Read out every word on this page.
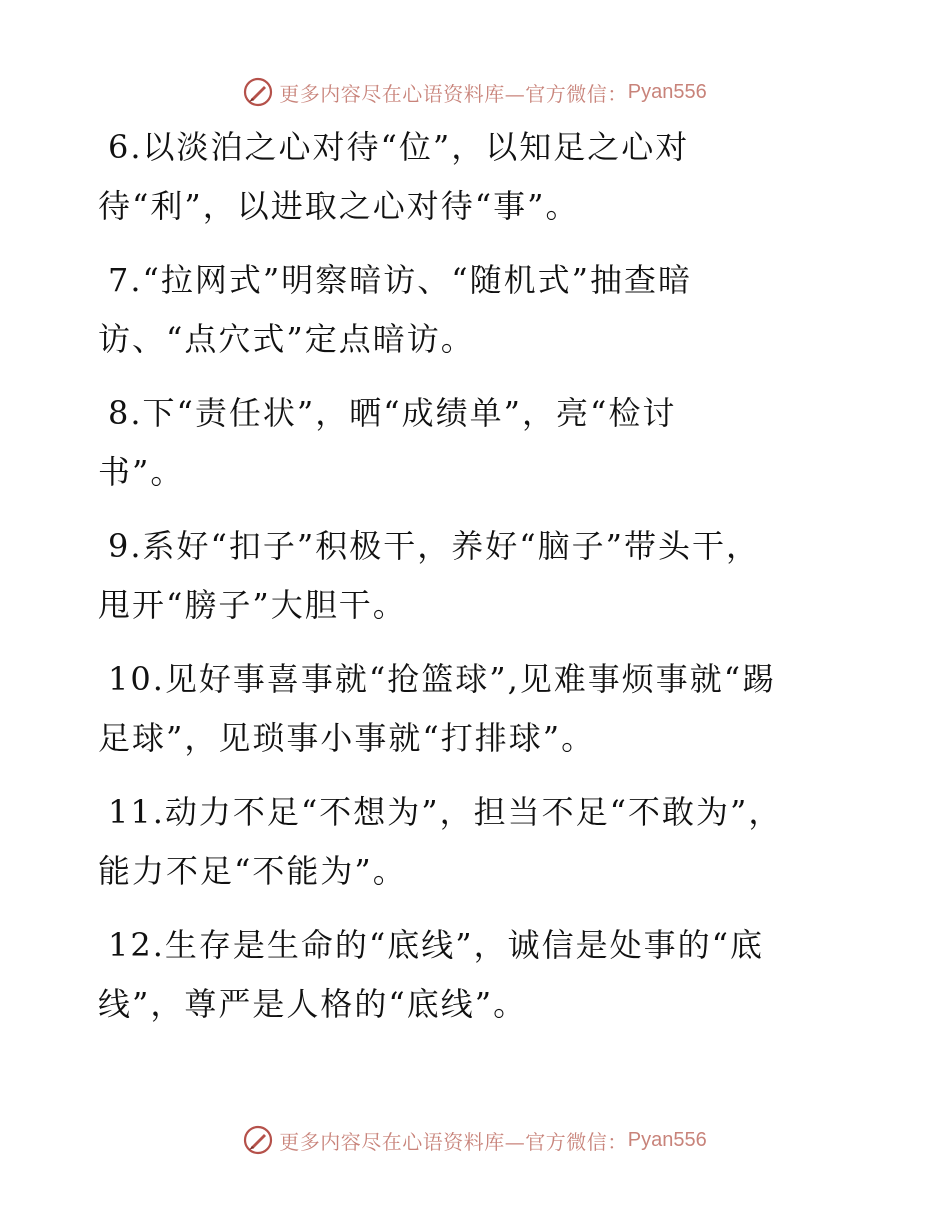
更多内容尽在心语资料库—官方微信： Pyan556
6.以淡泊之心对待“位”，以知足之心对
待“利”，以进取之心对待“事”。
7.“拉网式”明察暗访、“随机式”抽查暗
访、“点穴式”定点暗访。
8.下“责任状”，晒“成绩单”，亮“检讨
书”。
9.系好“扣子”积极干，养好“脑子”带头干，
甩开“膀子”大胆干。
10.见好事喜事就“抢篮球”,见难事烦事就“踢
足球”，见琐事小事就“打排球”。
11.动力不足“不想为”，担当不足“不敢为”，
能力不足“不能为”。
12.生存是生命的“底线”，诚信是处事的“底
线”，尊严是人格的“底线”。
更多内容尽在心语资料库—官方微信： Pyan556
